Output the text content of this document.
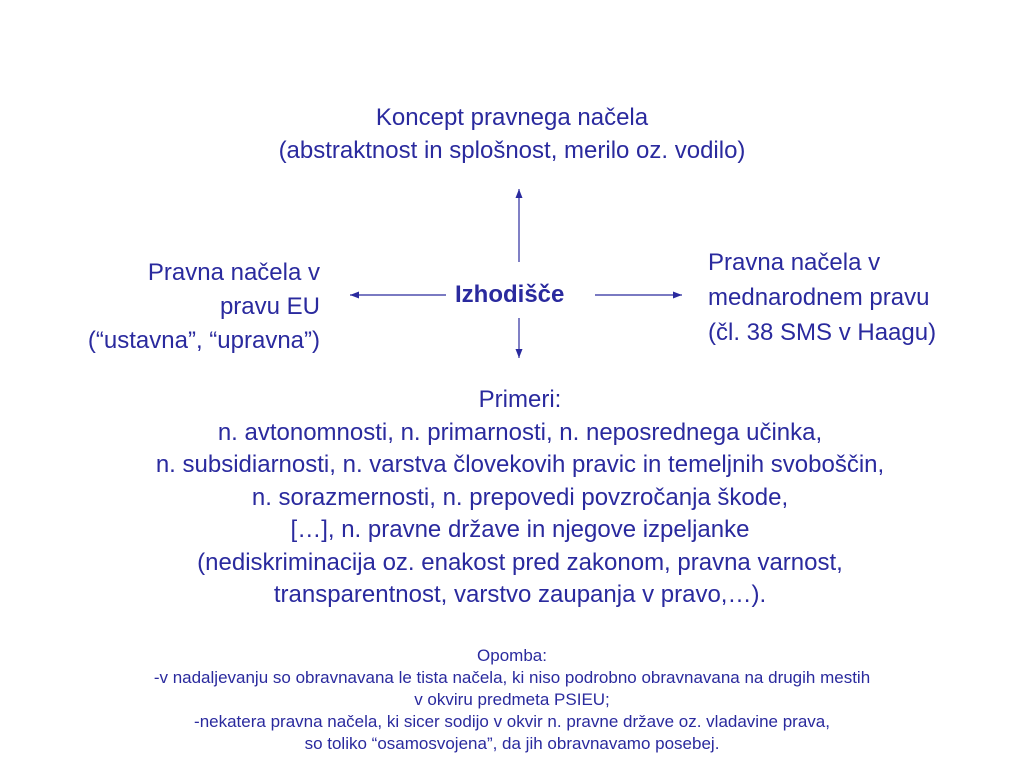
Koncept pravnega načela
(abstraktnost in splošnost, merilo oz. vodilo)
Pravna načela v
pravu EU
(“ustavna”, “upravna”)
Izhodišče
Pravna načela v
mednarodnem pravu
(čl. 38 SMS v Haagu)
Primeri:
n. avtonomnosti, n. primarnosti, n. neposrednega učinka,
n. subsidiarnosti, n. varstva človekovih pravic in temeljnih svoboščin,
n. sorazmernosti, n. prepovedi povzročanja škode,
[…], n. pravne države in njegove izpeljanke
(nediskriminacija oz. enakost pred zakonom, pravna varnost,
transparentnost, varstvo zaupanja v pravo,…).
Opomba:
-v nadaljevanju so obravnavana le tista načela, ki niso podrobno obravnavana na drugih mestih
v okviru predmeta PSIEU;
-nekatera pravna načela, ki sicer sodijo v okvir n. pravne države oz. vladavine prava,
so toliko “osamosvojena”, da jih obravnavamo posebej.
